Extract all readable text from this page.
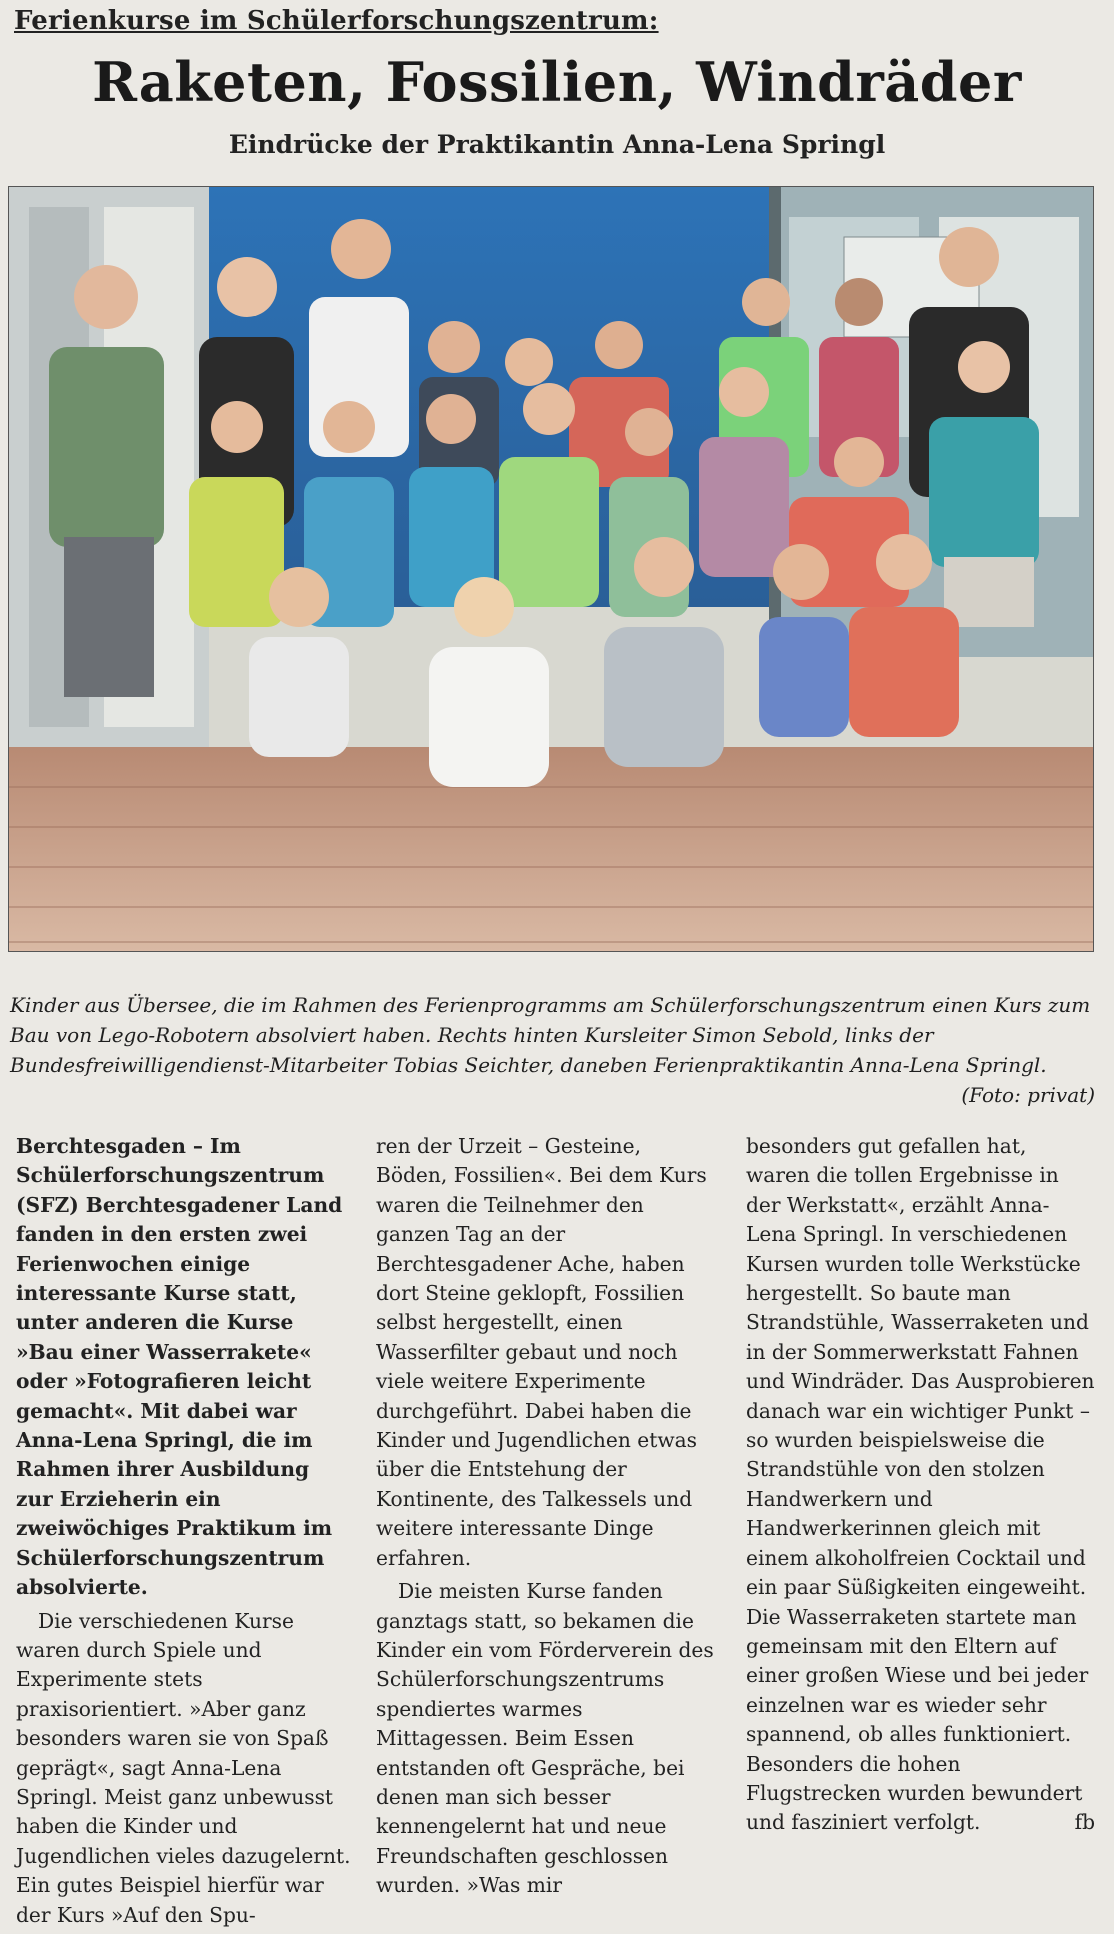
Ferienkurse im Schülerforschungszentrum:
Raketen, Fossilien, Windräder
Eindrücke der Praktikantin Anna-Lena Springl
Kinder aus Übersee, die im Rahmen des Ferienprogramms am Schülerforschungszentrum einen Kurs zum Bau von Lego-Robotern absolviert haben. Rechts hinten Kursleiter Simon Sebold, links der Bundesfreiwilligendienst-Mitarbeiter Tobias Seichter, daneben Ferienpraktikantin Anna-Lena Springl.
(Foto: privat)

Berchtesgaden – Im Schülerforschungszentrum (SFZ) Berchtesgadener Land fanden in den ersten zwei Ferienwochen einige interessante Kurse statt, unter anderen die Kurse »Bau einer Wasserrakete« oder »Fotografieren leicht gemacht«. Mit dabei war Anna-Lena Springl, die im Rahmen ihrer Ausbildung zur Erzieherin ein zweiwöchiges Praktikum im Schülerforschungszentrum absolvierte.

Die verschiedenen Kurse waren durch Spiele und Experimente stets praxisorientiert. »Aber ganz besonders waren sie von Spaß geprägt«, sagt Anna-Lena Springl. Meist ganz unbewusst haben die Kinder und Jugendlichen vieles dazugelernt. Ein gutes Beispiel hierfür war der Kurs »Auf den Spu-

ren der Urzeit – Gesteine, Böden, Fossilien«. Bei dem Kurs waren die Teilnehmer den ganzen Tag an der Berchtesgadener Ache, haben dort Steine geklopft, Fossilien selbst hergestellt, einen Wasserfilter gebaut und noch viele weitere Experimente durchgeführt. Dabei haben die Kinder und Jugendlichen etwas über die Entstehung der Kontinente, des Talkessels und weitere interessante Dinge erfahren.

Die meisten Kurse fanden ganztags statt, so bekamen die Kinder ein vom Förderverein des Schülerforschungszentrums spendiertes warmes Mittagessen. Beim Essen entstanden oft Gespräche, bei denen man sich besser kennengelernt hat und neue Freundschaften geschlossen wurden. »Was mir

besonders gut gefallen hat, waren die tollen Ergebnisse in der Werkstatt«, erzählt Anna-Lena Springl. In verschiedenen Kursen wurden tolle Werkstücke hergestellt. So baute man Strandstühle, Wasserraketen und in der Sommerwerkstatt Fahnen und Windräder. Das Ausprobieren danach war ein wichtiger Punkt – so wurden beispielsweise die Strandstühle von den stolzen Handwerkern und Handwerkerinnen gleich mit einem alkoholfreien Cocktail und ein paar Süßigkeiten eingeweiht. Die Wasserraketen startete man gemeinsam mit den Eltern auf einer großen Wiese und bei jeder einzelnen war es wieder sehr spannend, ob alles funktioniert. Besonders die hohen Flugstrecken wurden bewundert und fasziniert verfolgt.	fb
